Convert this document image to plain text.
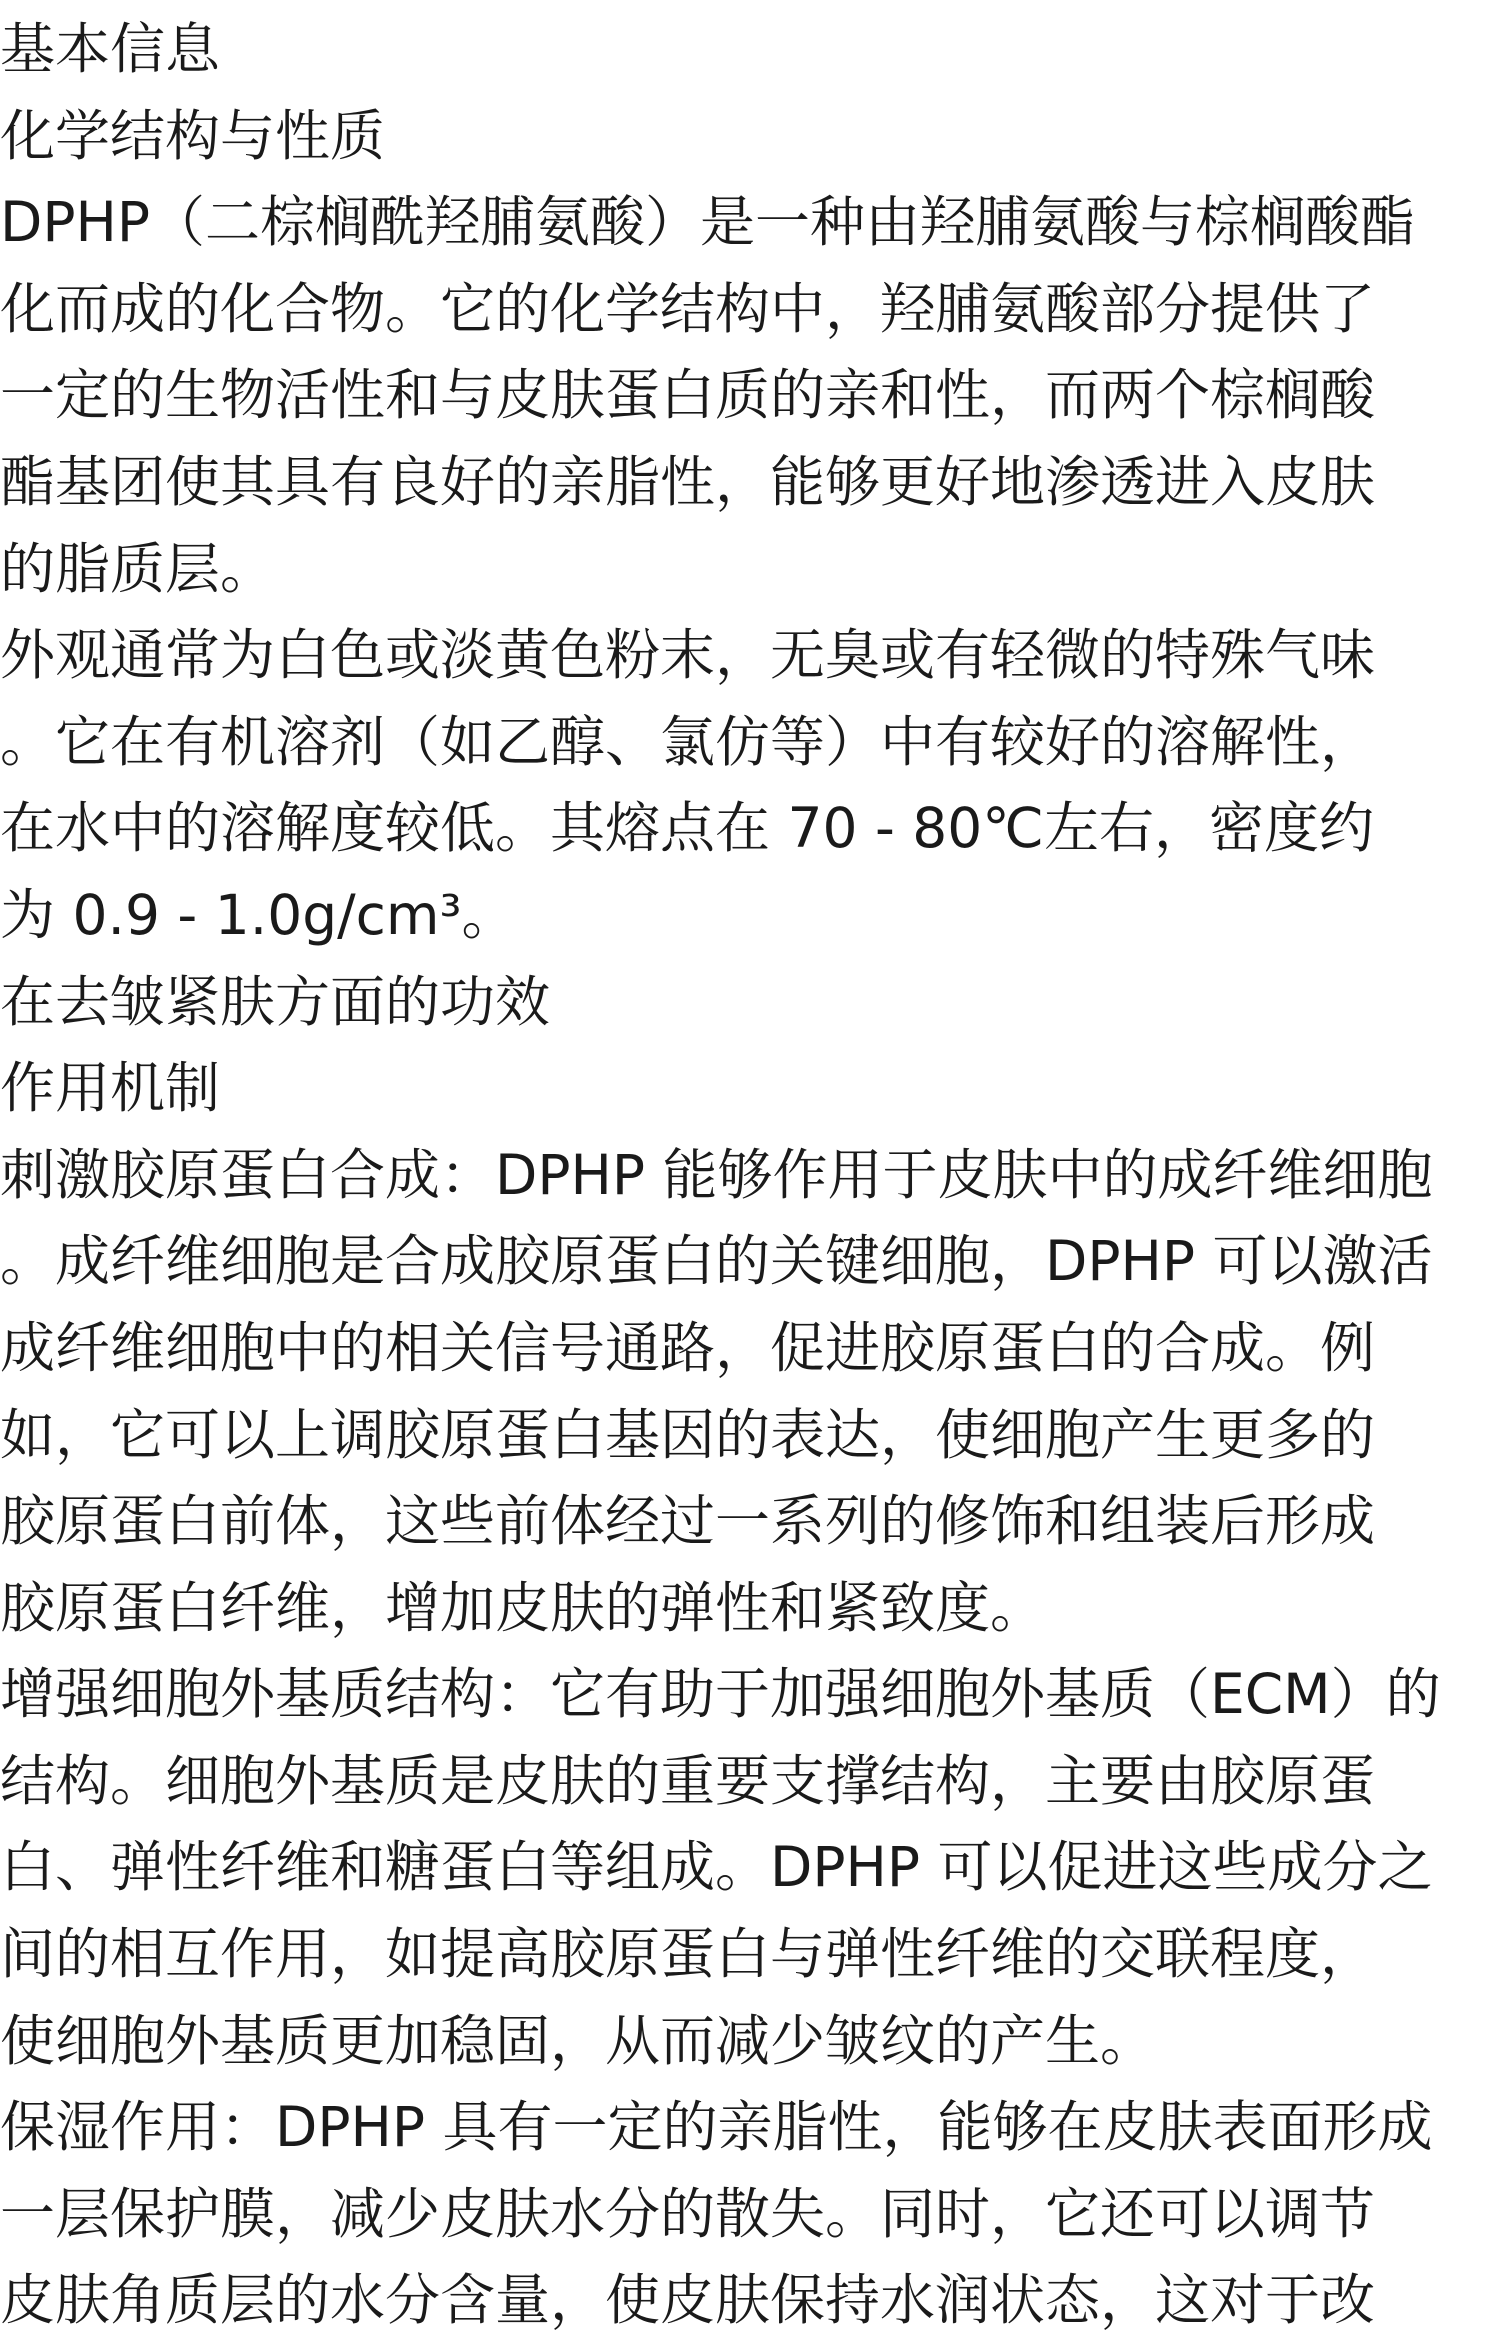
基本信息
化学结构与性质
DPHP（二棕榈酰羟脯氨酸）是一种由羟脯氨酸与棕榈酸酯
化而成的化合物。它的化学结构中，羟脯氨酸部分提供了
一定的生物活性和与皮肤蛋白质的亲和性，而两个棕榈酸
酯基团使其具有良好的亲脂性，能够更好地渗透进入皮肤
的脂质层。
外观通常为白色或淡黄色粉末，无臭或有轻微的特殊气味
。它在有机溶剂（如乙醇、氯仿等）中有较好的溶解性，
在水中的溶解度较低。其熔点在 70 - 80℃左右，密度约
为 0.9 - 1.0g/cm³。
在去皱紧肤方面的功效
作用机制
刺激胶原蛋白合成：DPHP 能够作用于皮肤中的成纤维细胞
。成纤维细胞是合成胶原蛋白的关键细胞，DPHP 可以激活
成纤维细胞中的相关信号通路，促进胶原蛋白的合成。例
如，它可以上调胶原蛋白基因的表达，使细胞产生更多的
胶原蛋白前体，这些前体经过一系列的修饰和组装后形成
胶原蛋白纤维，增加皮肤的弹性和紧致度。
增强细胞外基质结构：它有助于加强细胞外基质（ECM）的
结构。细胞外基质是皮肤的重要支撑结构，主要由胶原蛋
白、弹性纤维和糖蛋白等组成。DPHP 可以促进这些成分之
间的相互作用，如提高胶原蛋白与弹性纤维的交联程度，
使细胞外基质更加稳固，从而减少皱纹的产生。
保湿作用：DPHP 具有一定的亲脂性，能够在皮肤表面形成
一层保护膜，减少皮肤水分的散失。同时，它还可以调节
皮肤角质层的水分含量，使皮肤保持水润状态，这对于改
